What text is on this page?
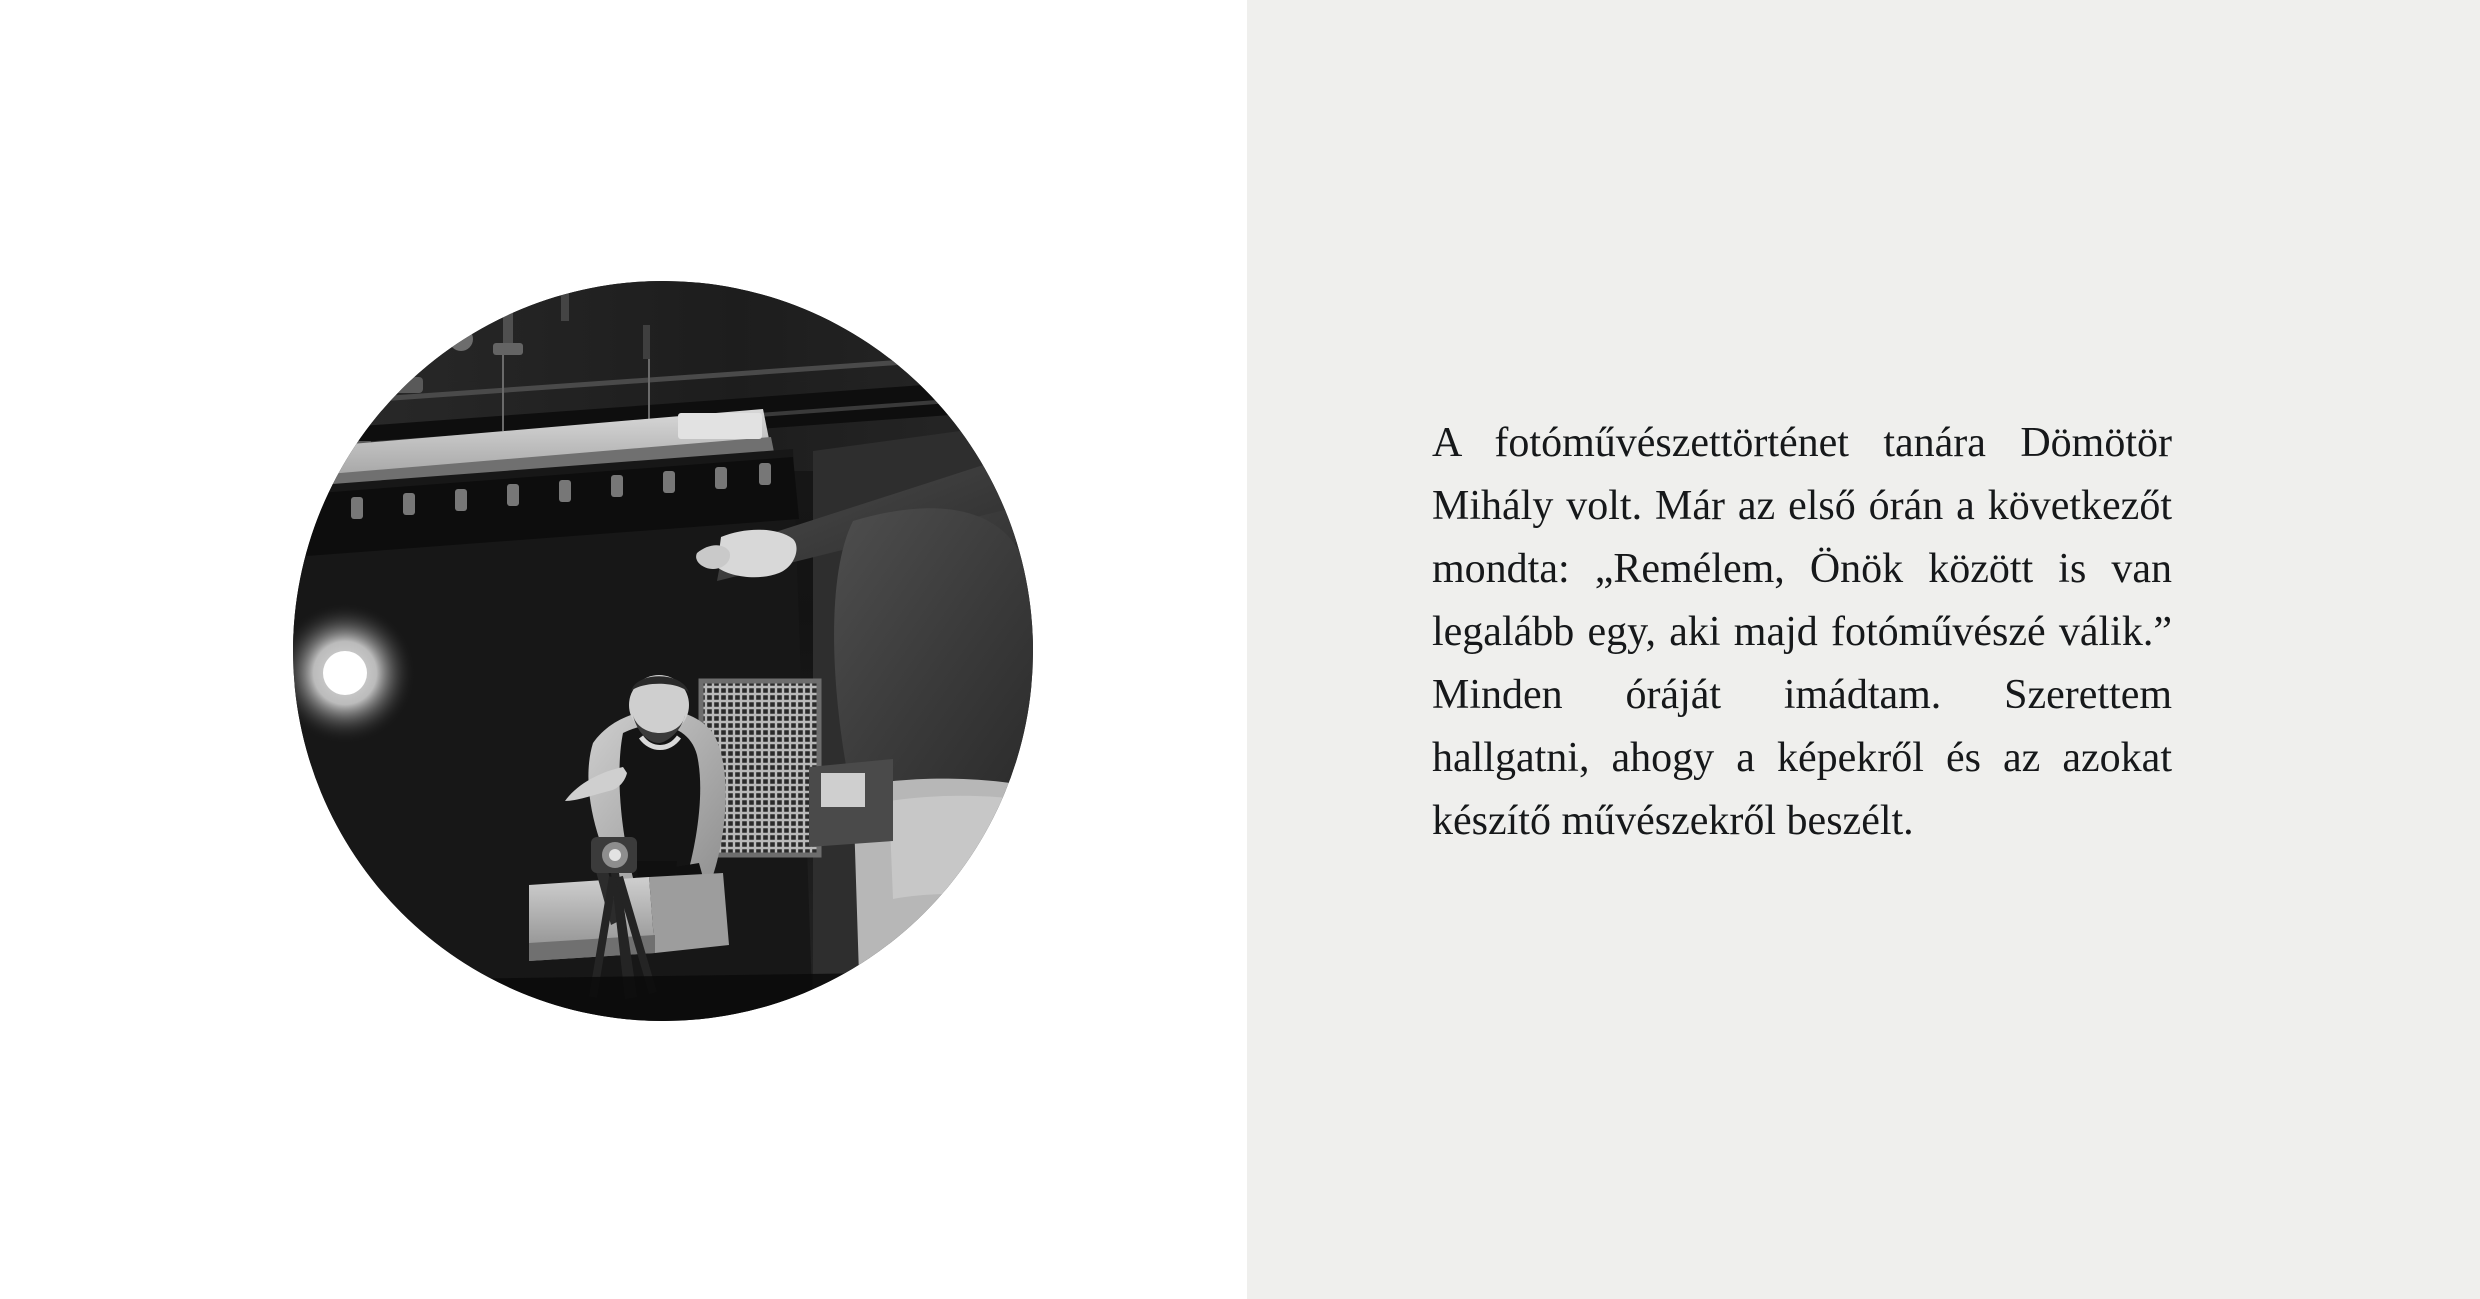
A fotóművészettörténet tanára Dömötör Mihály volt. Már az első órán a következőt mondta: „Remélem, Önök között is van legalább egy, aki majd fotóművészé válik.” Minden óráját imádtam. Szerettem hallgatni, ahogy a képekről és az azokat készítő művészekről beszélt.
